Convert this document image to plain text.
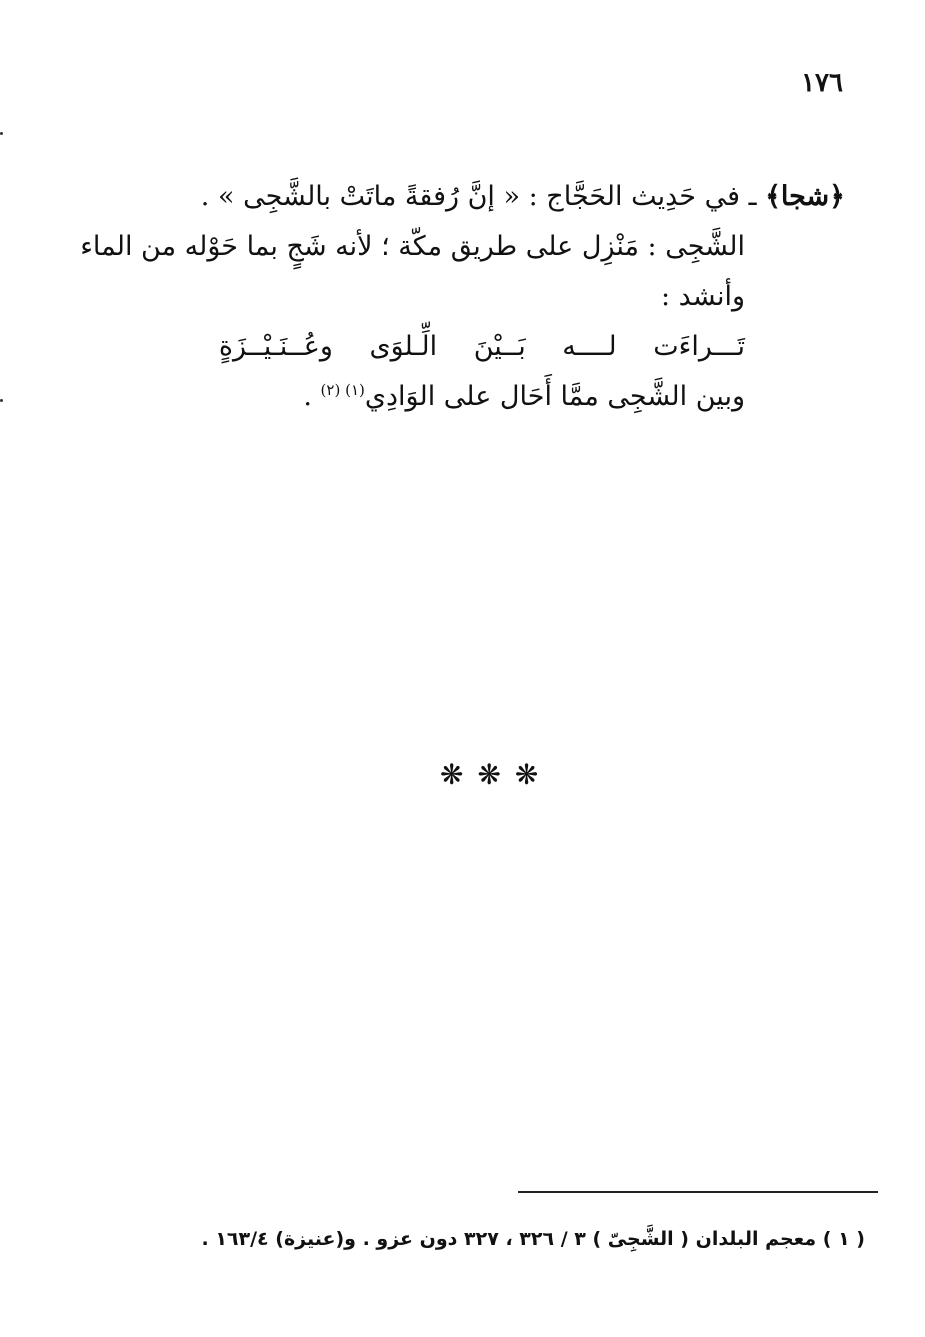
١٧٦
﴿شجا﴾ ـ في حَدِيث الحَجَّاج : « إنَّ رُفقةً ماتَتْ بالشَّجِى » .
الشَّجِى : مَنْزِل على طريق مكّة ؛ لأنه شَجٍ بما حَوْله من الماء
وأنشد :
تَـــراءَت لــــه بَــيْنَ الِّـلوَى وعُــنَـيْــزَةٍ
وبين الشَّجِى ممَّا أَحَال على الوَادِي$^{(١) (٢)}$ .
❋❋❋
( ١ ) معجم البلدان ( الشَّجِىّ ) ٣ / ٣٢٦ ، ٣٢٧ دون عزو . و(عنيزة) ١٦٣/٤ .
